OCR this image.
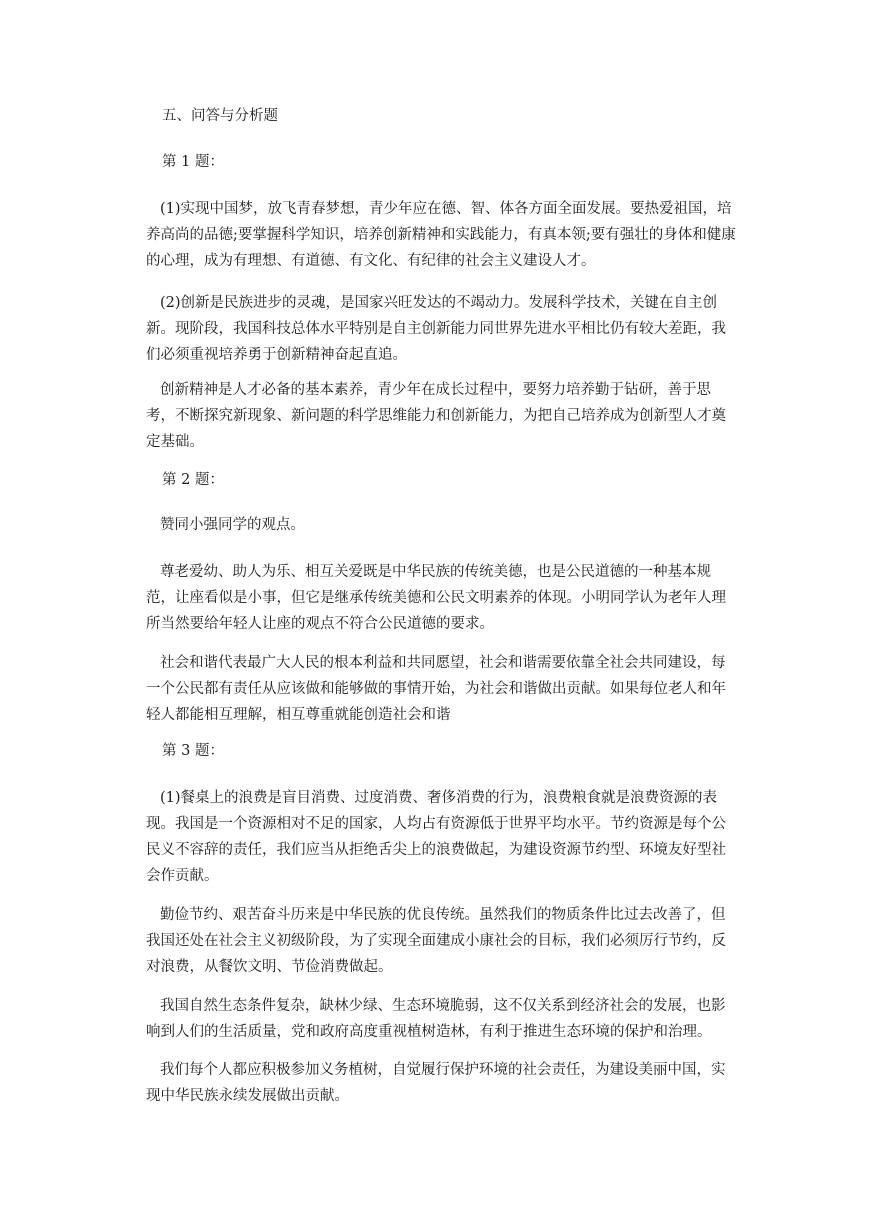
五、问答与分析题

第 1 题：

(1)实现中国梦，放飞青春梦想，青少年应在德、智、体各方面全面发展。要热爱祖国，培养高尚的品德;要掌握科学知识，培养创新精神和实践能力，有真本领;要有强壮的身体和健康的心理，成为有理想、有道德、有文化、有纪律的社会主义建设人才。

(2)创新是民族进步的灵魂，是国家兴旺发达的不竭动力。发展科学技术，关键在自主创新。现阶段，我国科技总体水平特别是自主创新能力同世界先进水平相比仍有较大差距，我们必须重视培养勇于创新精神奋起直追。

创新精神是人才必备的基本素养，青少年在成长过程中，要努力培养勤于钻研，善于思考，不断探究新现象、新问题的科学思维能力和创新能力，为把自己培养成为创新型人才奠定基础。

第 2 题：

赞同小强同学的观点。

尊老爱幼、助人为乐、相互关爱既是中华民族的传统美德，也是公民道德的一种基本规范，让座看似是小事，但它是继承传统美德和公民文明素养的体现。小明同学认为老年人理所当然要给年轻人让座的观点不符合公民道德的要求。

社会和谐代表最广大人民的根本利益和共同愿望，社会和谐需要依靠全社会共同建设，每一个公民都有责任从应该做和能够做的事情开始，为社会和谐做出贡献。如果每位老人和年轻人都能相互理解，相互尊重就能创造社会和谐

第 3 题：

(1)餐桌上的浪费是盲目消费、过度消费、奢侈消费的行为，浪费粮食就是浪费资源的表现。我国是一个资源相对不足的国家，人均占有资源低于世界平均水平。节约资源是每个公民义不容辞的责任，我们应当从拒绝舌尖上的浪费做起，为建设资源节约型、环境友好型社会作贡献。

勤俭节约、艰苦奋斗历来是中华民族的优良传统。虽然我们的物质条件比过去改善了，但我国还处在社会主义初级阶段，为了实现全面建成小康社会的目标，我们必须厉行节约，反对浪费，从餐饮文明、节俭消费做起。

我国自然生态条件复杂，缺林少绿、生态环境脆弱，这不仅关系到经济社会的发展，也影响到人们的生活质量，党和政府高度重视植树造林，有利于推进生态环境的保护和治理。

我们每个人都应积极参加义务植树，自觉履行保护环境的社会责任，为建设美丽中国，实现中华民族永续发展做出贡献。
